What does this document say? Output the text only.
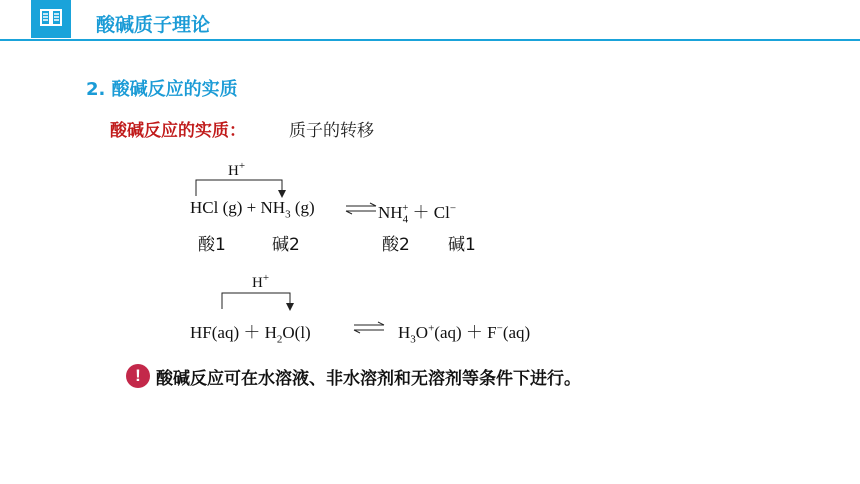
酸碱质子理论
2. 酸碱反应的实质
酸碱反应的实质：	质子的转移
H+
HCl $(g) + NH_3$ (g) ⇌ $NH_4^+ + Cl^-$
酸1	碱2	酸2 碱1
H+
$HF(aq) + H_2O(l)$	⇌ $H_3O^+(aq) + F^-(aq)$
! 酸碱反应可在水溶液、非水溶剂和无溶剂等条件下进行。
